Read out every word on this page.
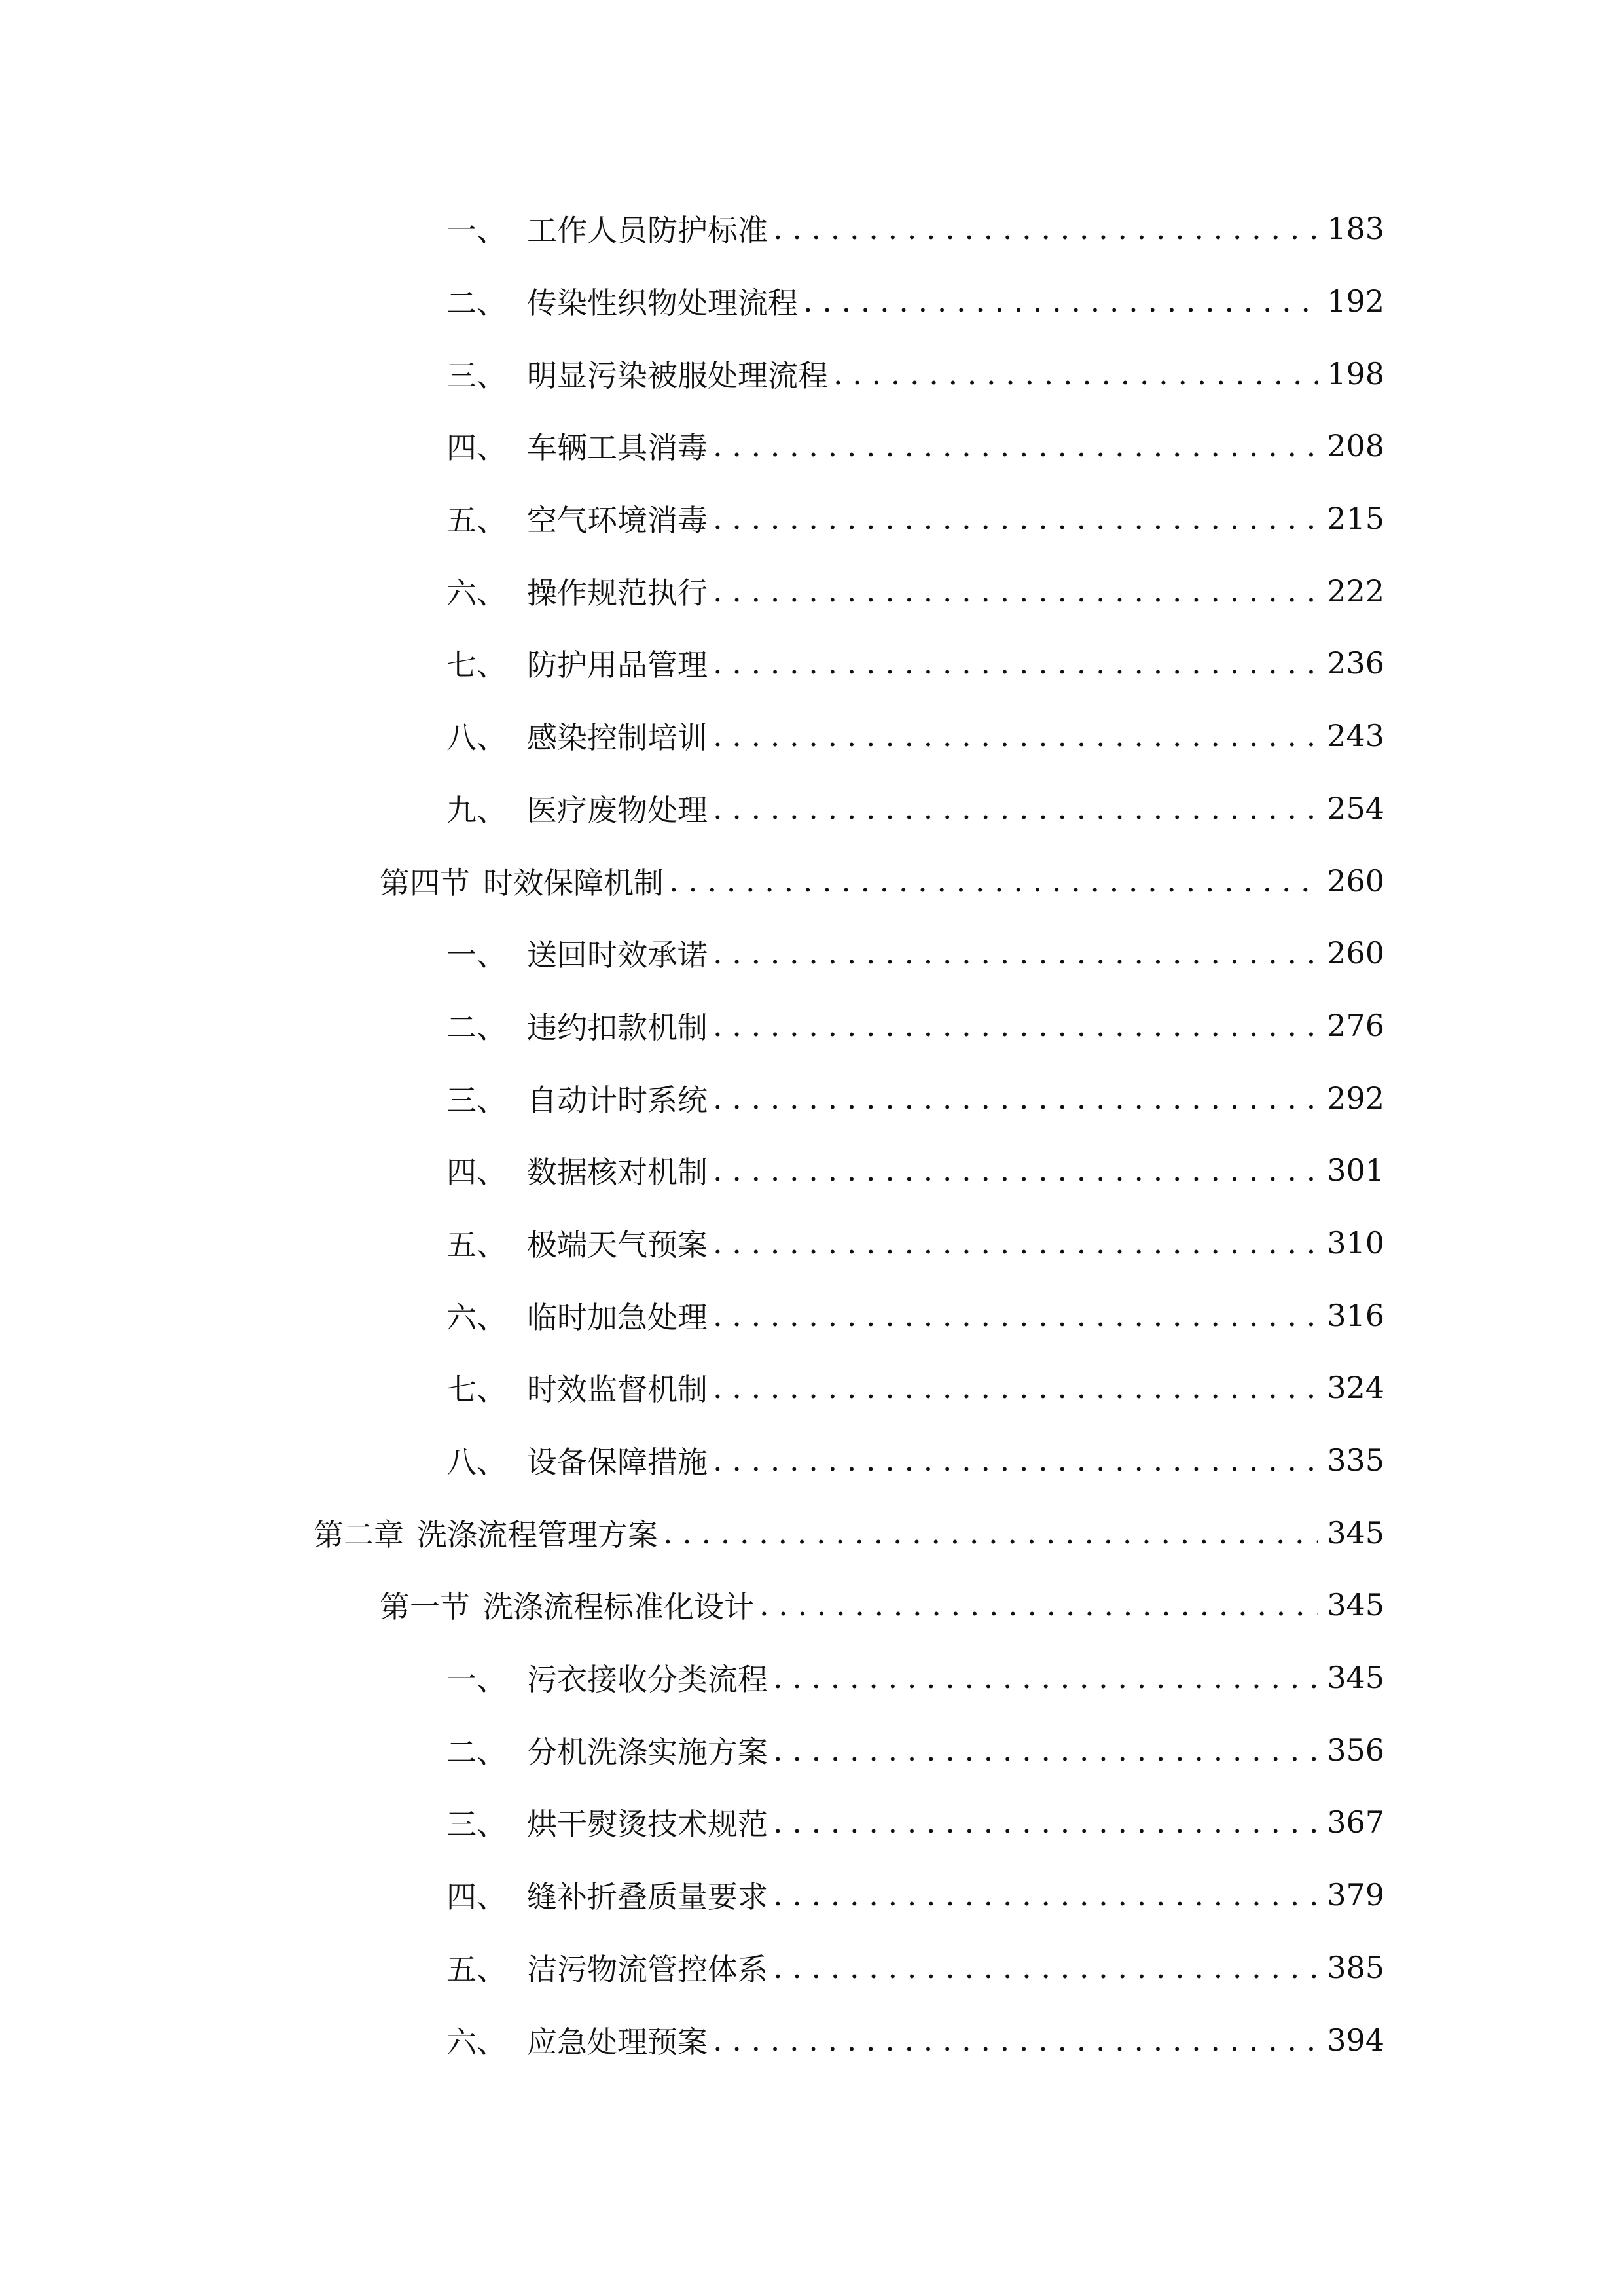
一、 工作人员防护标准 . . .	183
二、 传染性织物处理流程 . . .	192
三、 明显污染被服处理流程 . . .	198
四、 车辆工具消毒 . . .	208
五、 空气环境消毒 . . .	215
六、 操作规范执行 . . .	222
七、 防护用品管理 . . .	236
八、 感染控制培训 . . .	243
九、 医疗废物处理 . . .	254
第四节 时效保障机制 . . .	260
一、 送回时效承诺 . . .	260
二、 违约扣款机制 . . .	276
三、 自动计时系统 . . .	292
四、 数据核对机制 . . .	301
五、 极端天气预案 . . .	310
六、 临时加急处理 . . .	316
七、 时效监督机制 . . .	324
八、 设备保障措施 . . .	335
第二章 洗涤流程管理方案 . . .	345
第一节 洗涤流程标准化设计 . . .	345
一、 污衣接收分类流程 . . .	345
二、 分机洗涤实施方案 . . .	356
三、 烘干熨烫技术规范 . . .	367
四、 缝补折叠质量要求 . . .	379
五、 洁污物流管控体系 . . .	385
六、 应急处理预案 . . .	394
